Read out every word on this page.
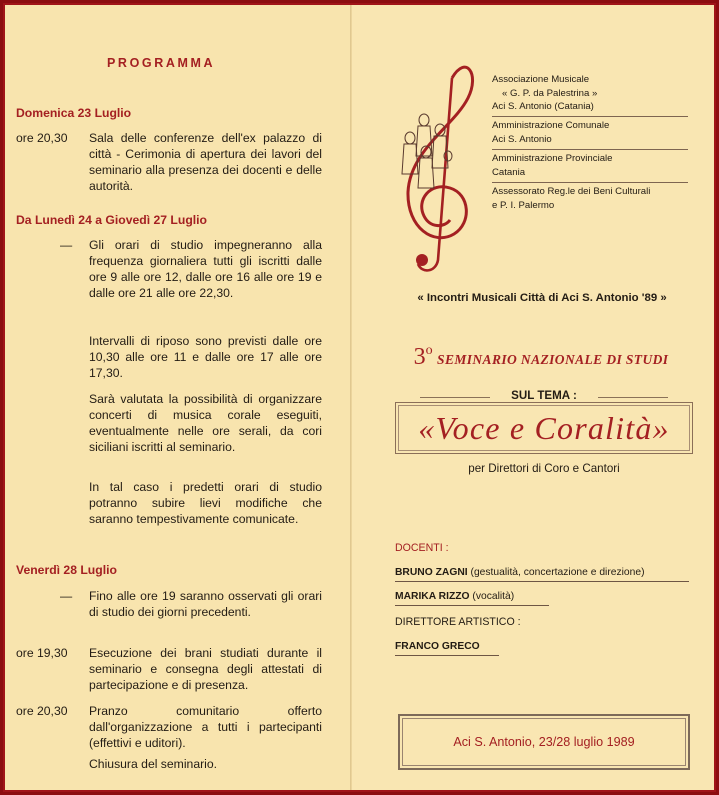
PROGRAMMA
Domenica 23 Luglio
ore 20,30 Sala delle conferenze dell'ex palazzo di città - Cerimonia di apertura dei lavori del seminario alla presenza dei docenti e delle autorità.
Da Lunedì 24 a Giovedì 27 Luglio
— Gli orari di studio impegneranno alla frequenza giornaliera tutti gli iscritti dalle ore 9 alle ore 12, dalle ore 16 alle ore 19 e dalle ore 21 alle ore 22,30.
Intervalli di riposo sono previsti dalle ore 10,30 alle ore 11 e dalle ore 17 alle ore 17,30.
Sarà valutata la possibilità di organizzare concerti di musica corale eseguiti, eventualmente nelle ore serali, da cori siciliani iscritti al seminario.
In tal caso i predetti orari di studio potranno subire lievi modifiche che saranno tempestivamente comunicate.
Venerdì 28 Luglio
— Fino alle ore 19 saranno osservati gli orari di studio dei giorni precedenti.
ore 19,30 Esecuzione dei brani studiati durante il seminario e consegna degli attestati di partecipazione e di presenza.
ore 20,30 Pranzo comunitario offerto dall'organizzazione a tutti i partecipanti (effettivi e uditori).
Chiusura del seminario.
Associazione Musicale
« G. P. da Palestrina »
Aci S. Antonio (Catania)
Amministrazione Comunale
Aci S. Antonio
Amministrazione Provinciale
Catania
Assessorato Reg.le dei Beni Culturali
e P. I. Palermo
« Incontri Musicali Città di Aci S. Antonio '89 »
3o SEMINARIO NAZIONALE DI STUDI
SUL TEMA :
«Voce e Coralità»
per Direttori di Coro e Cantori
DOCENTI :
BRUNO ZAGNI (gestualità, concertazione e direzione)
MARIKA RIZZO (vocalità)
DIRETTORE ARTISTICO :
FRANCO GRECO
Aci S. Antonio, 23/28 luglio 1989
